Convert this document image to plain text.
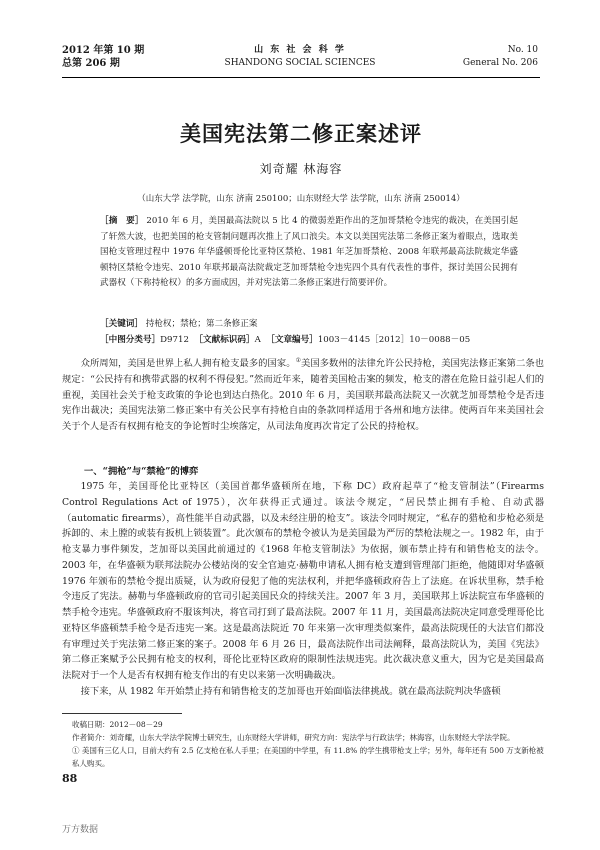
2012 年第 10 期
总第 206 期
山 东 社 会 科 学
SHANDONG SOCIAL SCIENCES
No. 10
General No. 206
美国宪法第二修正案述评
刘奇耀 林海容
（山东大学 法学院，山东 济南 250100；山东财经大学 法学院，山东 济南 250014）
［摘　要］ 2010 年 6 月，美国最高法院以 5 比 4 的微弱差距作出的芝加哥禁枪令违宪的裁决，在美国引起了轩然大波，也把美国的枪支管制问题再次推上了风口浪尖。本文以美国宪法第二条修正案为着眼点，选取美国枪支管理过程中 1976 年华盛顿哥伦比亚特区禁枪、1981 年芝加哥禁枪、2008 年联邦最高法院裁定华盛顿特区禁枪令违宪、2010 年联邦最高法院裁定芝加哥禁枪令违宪四个具有代表性的事件，探讨美国公民拥有武器权（下称持枪权）的多方面成因，并对宪法第二条修正案进行简要评价。
［关键词］ 持枪权；禁枪；第二条修正案
［中图分类号］D9712 ［文献标识码］A ［文章编号］1003－4145［2012］10－0088－05

众所周知，美国是世界上私人拥有枪支最多的国家。①美国多数州的法律允许公民持枪，美国宪法修正案第二条也规定：“公民持有和携带武器的权利不得侵犯。”然而近年来，随着美国枪击案的频发，枪支的潜在危险日益引起人们的重视，美国社会关于枪支政策的争论也到达白热化。2010 年 6 月，美国联邦最高法院又一次就芝加哥禁枪令是否违宪作出裁决；美国宪法第二修正案中有关公民享有持枪自由的条款同样适用于各州和地方法律。使两百年来美国社会关于个人是否有权拥有枪支的争论暂时尘埃落定，从司法角度再次肯定了公民的持枪权。

一、“拥枪”与“禁枪”的博弈

1975 年，美国哥伦比亚特区（美国首都华盛顿所在地，下称 DC）政府起草了“枪支管制法”（Firearms Control Regulations Act of 1975），次年获得正式通过。该法令规定，“居民禁止拥有手枪、自动武器（automatic firearms），高性能半自动武器，以及未经注册的枪支”。该法令同时规定，“私存的猎枪和步枪必须是拆卸的、未上膛的或装有扳机上锁装置”。此次颁布的禁枪令被认为是美国最为严厉的禁枪法规之一。1982 年，由于枪支暴力事件频发，芝加哥以美国此前通过的《1968 年枪支管制法》为依据，颁布禁止持有和销售枪支的法令。2003 年，在华盛顿为联邦法院办公楼站岗的安全官迪克·赫勒申请私人拥有枪支遭到管理部门拒绝，他随即对华盛顿 1976 年颁布的禁枪令提出质疑，认为政府侵犯了他的宪法权利，并把华盛顿政府告上了法庭。在诉状里称，禁手枪令违反了宪法。赫勒与华盛顿政府的官司引起美国民众的持续关注。2007 年 3 月，美国联邦上诉法院宣布华盛顿的禁手枪令违宪。华盛顿政府不服该判决，将官司打到了最高法院。2007 年 11 月，美国最高法院决定同意受理哥伦比亚特区华盛顿禁手枪令是否违宪一案。这是最高法院近 70 年来第一次审理类似案件，最高法院现任的大法官们都没有审理过关于宪法第二修正案的案子。2008 年 6 月 26 日，最高法院作出司法阐释，最高法院认为，美国《宪法》第二修正案赋予公民拥有枪支的权利，哥伦比亚特区政府的限制性法规违宪。此次裁决意义重大，因为它是美国最高法院对于一个人是否有权拥有枪支作出的有史以来第一次明确裁决。

接下来，从 1982 年开始禁止持有和销售枪支的芝加哥也开始面临法律挑战。就在最高法院判决华盛顿

收稿日期：2012－08－29
作者简介：刘奇耀，山东大学法学院博士研究生，山东财经大学讲师，研究方向：宪法学与行政法学；林海容，山东财经大学法学院。
① 美国有三亿人口，目前大约有 2.5 亿支枪在私人手里；在美国的中学里，有 11.8% 的学生携带枪支上学；另外，每年还有 500 万支新枪被私人购买。
88
万方数据
